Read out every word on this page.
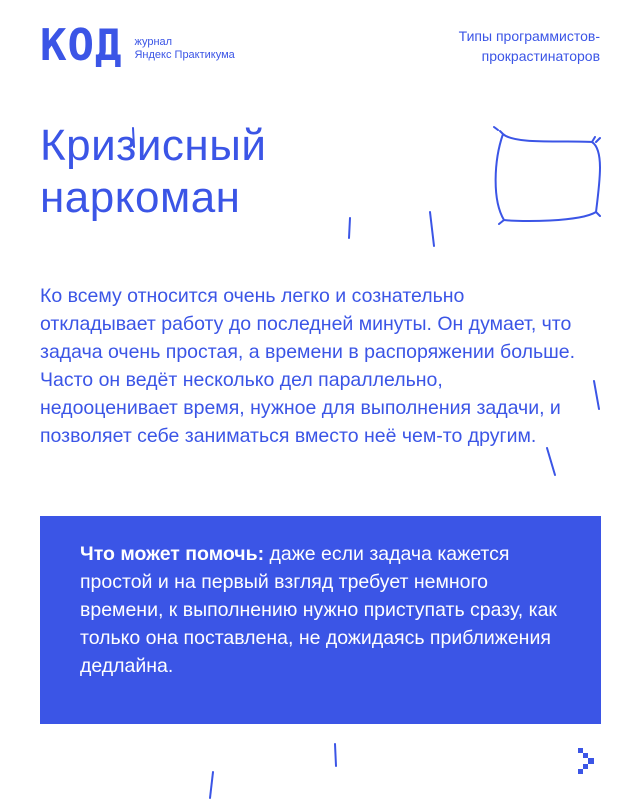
КОД журнал
Яндекс Практикума
Типы программистов-
прокрастинаторов
Кризисный
наркоман

Ко всему относится очень легко и сознательно откладывает работу до последней минуты. Он думает, что задача очень простая, а времени в распоряжении больше. Часто он ведёт несколько дел параллельно, недооценивает время, нужное для выполнения задачи, и позволяет себе заниматься вместо неё чем-то другим.

Что может помочь: даже если задача кажется простой и на первый взгляд требует немного времени, к выполнению нужно приступать сразу, как только она поставлена, не дожидаясь приближения дедлайна.
